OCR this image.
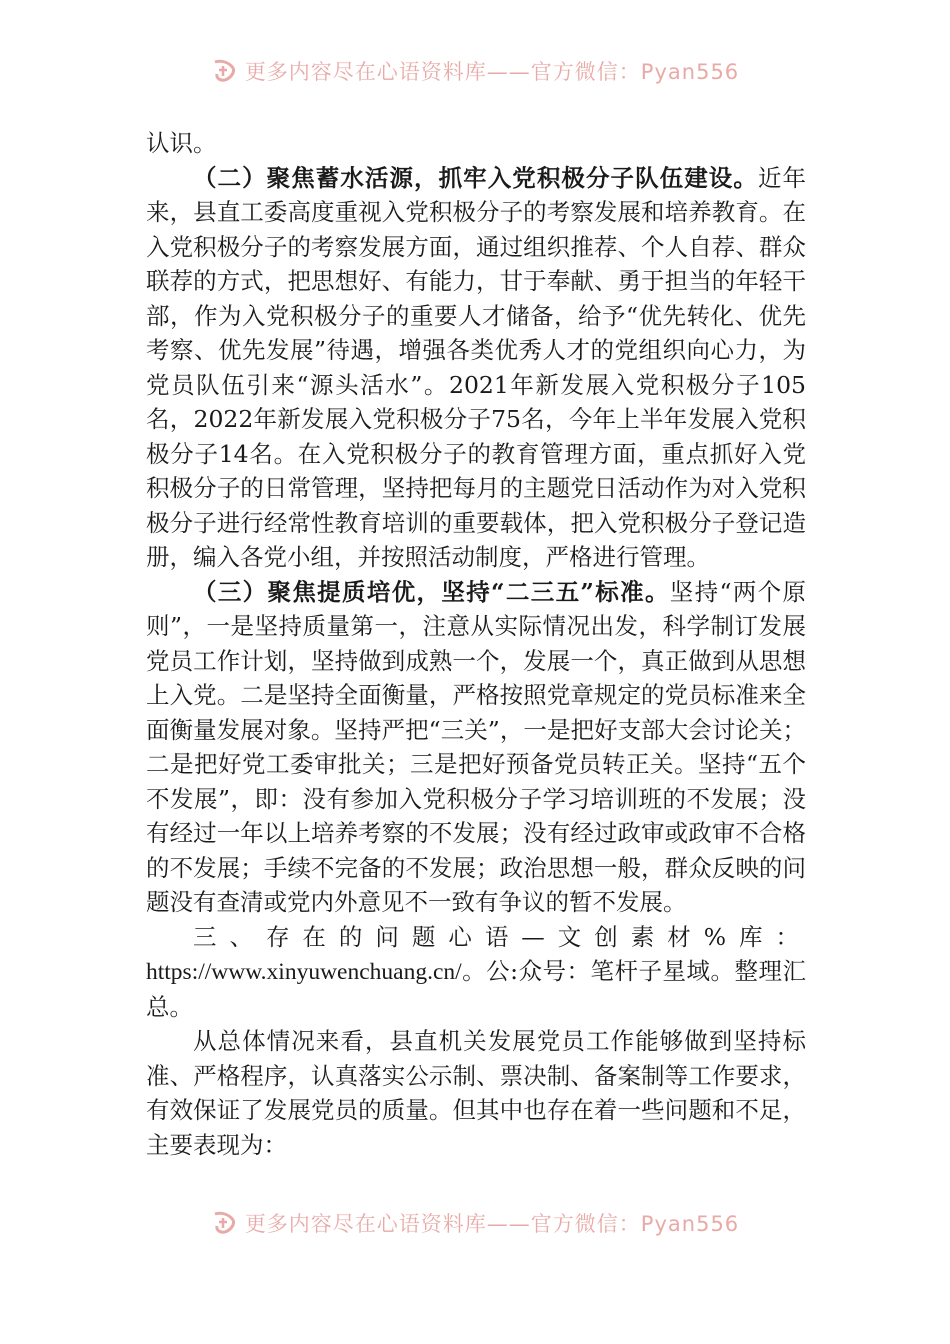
更多内容尽在心语资料库——官方微信：Pyan556

认识。

（二）聚焦蓄水活源，抓牢入党积极分子队伍建设。近年来，县直工委高度重视入党积极分子的考察发展和培养教育。在入党积极分子的考察发展方面，通过组织推荐、个人自荐、群众联荐的方式，把思想好、有能力，甘于奉献、勇于担当的年轻干部，作为入党积极分子的重要人才储备，给予“优先转化、优先考察、优先发展”待遇，增强各类优秀人才的党组织向心力，为党员队伍引来“源头活水”。2021年新发展入党积极分子105名，2022年新发展入党积极分子75名，今年上半年发展入党积极分子14名。在入党积极分子的教育管理方面，重点抓好入党积极分子的日常管理，坚持把每月的主题党日活动作为对入党积极分子进行经常性教育培训的重要载体，把入党积极分子登记造册，编入各党小组，并按照活动制度，严格进行管理。

（三）聚焦提质培优，坚持“二三五”标准。坚持“两个原则”，一是坚持质量第一，注意从实际情况出发，科学制订发展党员工作计划，坚持做到成熟一个，发展一个，真正做到从思想上入党。二是坚持全面衡量，严格按照党章规定的党员标准来全面衡量发展对象。坚持严把“三关”，一是把好支部大会讨论关；二是把好党工委审批关；三是把好预备党员转正关。坚持“五个不发展”，即：没有参加入党积极分子学习培训班的不发展；没有经过一年以上培养考察的不发展；没有经过政审或政审不合格的不发展；手续不完备的不发展；政治思想一般，群众反映的问题没有查清或党内外意见不一致有争议的暂不发展。

三、存在的问题心语—文创素材%库：https://www.xinyuwenchuang.cn/。公:众号：笔杆子星域。整理汇总。

从总体情况来看，县直机关发展党员工作能够做到坚持标准、严格程序，认真落实公示制、票决制、备案制等工作要求，有效保证了发展党员的质量。但其中也存在着一些问题和不足，主要表现为：

更多内容尽在心语资料库——官方微信：Pyan556
